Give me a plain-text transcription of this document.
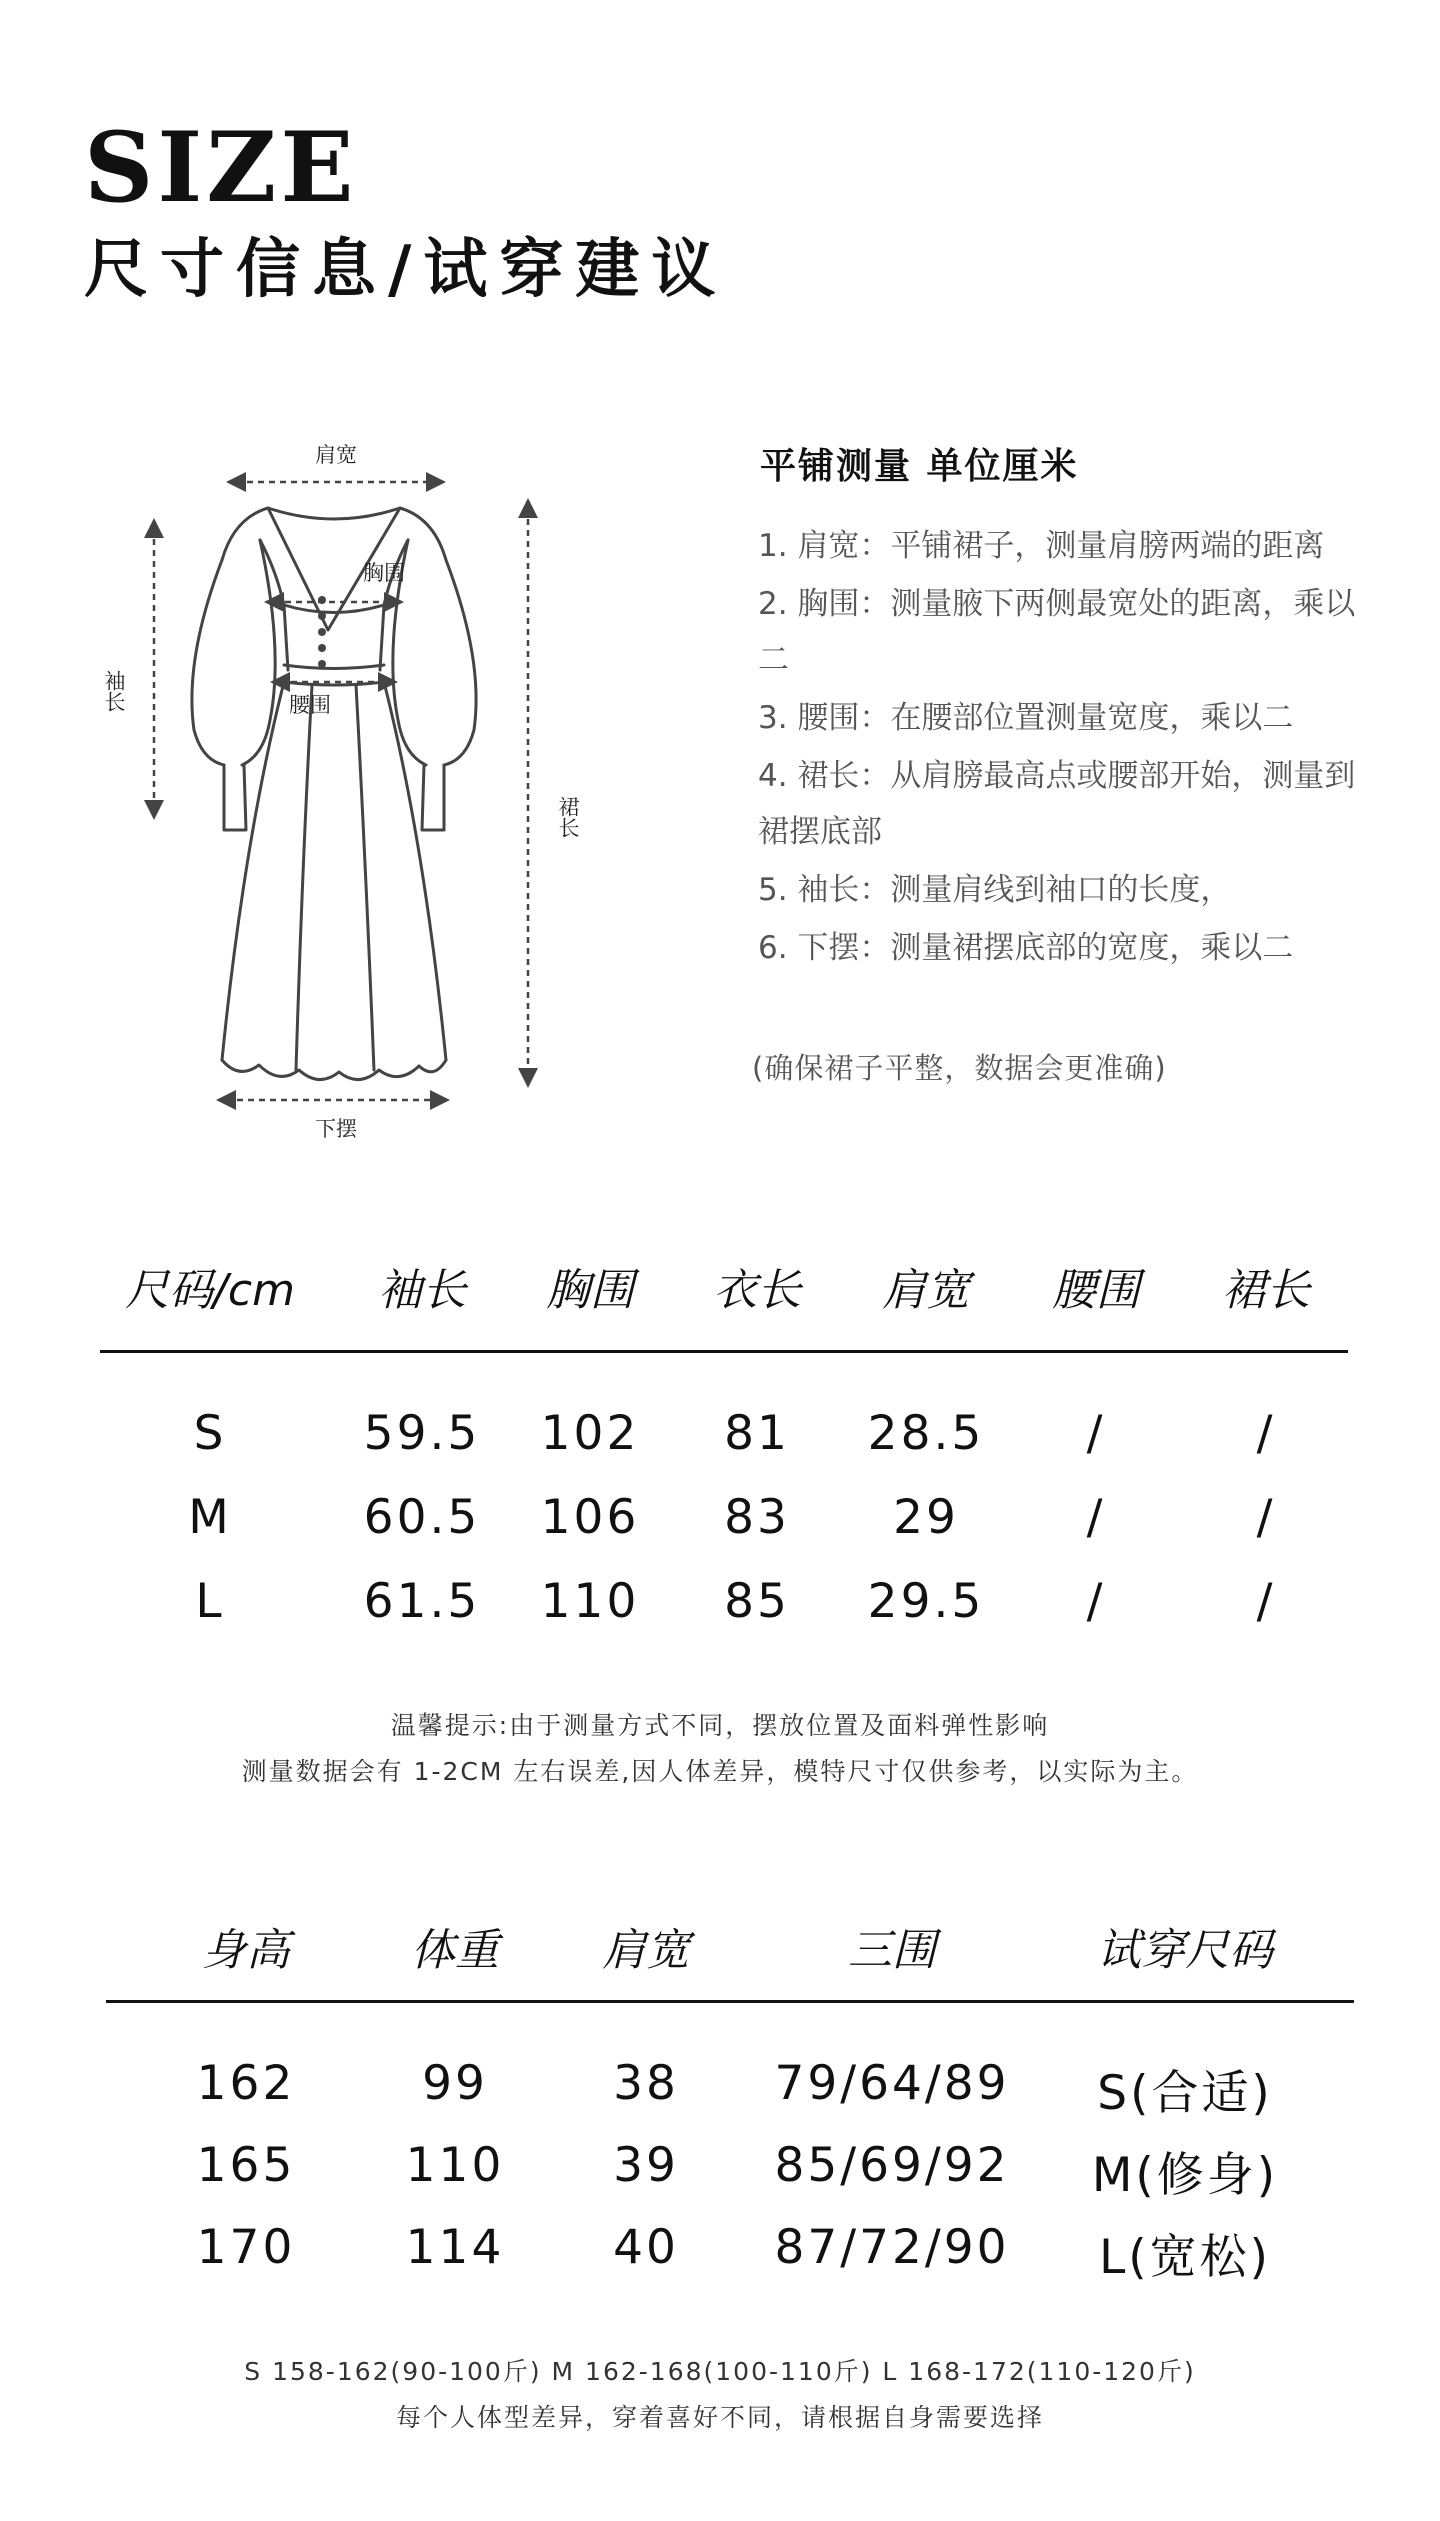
SIZE
尺寸信息/试穿建议
肩宽
胸围
腰围
下摆
袖长
裙长
平铺测量 单位厘米

1. 肩宽：平铺裙子，测量肩膀两端的距离

2. 胸围：测量腋下两侧最宽处的距离，乘以二

3. 腰围：在腰部位置测量宽度，乘以二

4. 裙长：从肩膀最高点或腰部开始，测量到裙摆底部

5. 袖长：测量肩线到袖口的长度，

6. 下摆：测量裙摆底部的宽度，乘以二

(确保裙子平整，数据会更准确)
尺码/cm 袖长 胸围 衣长 肩宽 腰围 裙长
S	59.5 102 81 28.5 /	/
M	60.5 106 83 29	/	/
L	61.5 110 85 29.5 /	/
温馨提示:由于测量方式不同，摆放位置及面料弹性影响
测量数据会有 1-2CM 左右误差,因人体差异，模特尺寸仅供参考，以实际为主。
身高	体重 肩宽	三围	试穿尺码
162	99	38 79/64/89 S(合适)
165 110 39 85/69/92 M(修身)
170 114 40 87/72/90 L(宽松)
S 158-162(90-100斤) M 162-168(100-110斤) L 168-172(110-120斤)
每个人体型差异，穿着喜好不同，请根据自身需要选择
